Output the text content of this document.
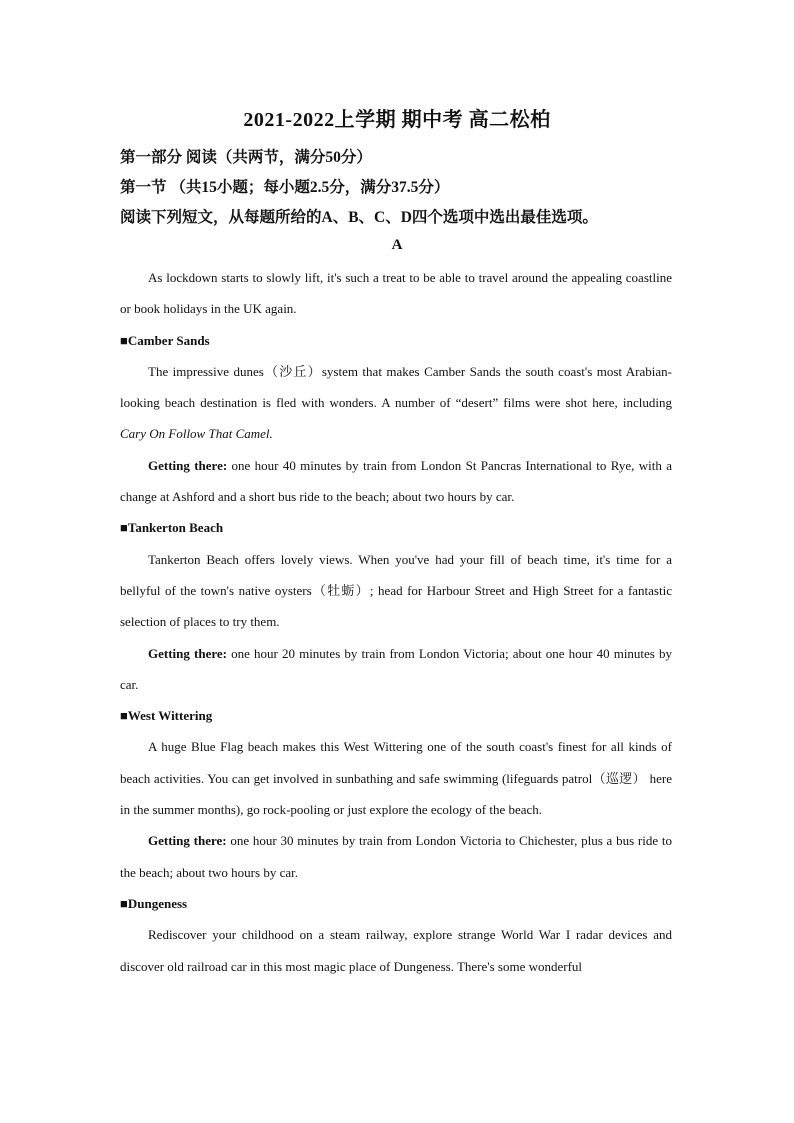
2021-2022上学期 期中考 高二松柏
第一部分 阅读（共两节，满分50分）
第一节 （共15小题；每小题2.5分，满分37.5分）
阅读下列短文，从每题所给的A、B、C、D四个选项中选出最佳选项。
A

As lockdown starts to slowly lift, it's such a treat to be able to travel around the appealing coastline or book holidays in the UK again.

■Camber Sands

The impressive dunes（沙丘）system that makes Camber Sands the south coast's most Arabian-looking beach destination is fled with wonders. A number of “desert” films were shot here, including Cary On Follow That Camel.

Getting there: one hour 40 minutes by train from London St Pancras International to Rye, with a change at Ashford and a short bus ride to the beach; about two hours by car.

■Tankerton Beach

Tankerton Beach offers lovely views. When you've had your fill of beach time, it's time for a bellyful of the town's native oysters（牡蛎）; head for Harbour Street and High Street for a fantastic selection of places to try them.

Getting there: one hour 20 minutes by train from London Victoria; about one hour 40 minutes by car.

■West Wittering

A huge Blue Flag beach makes this West Wittering one of the south coast's finest for all kinds of beach activities. You can get involved in sunbathing and safe swimming (lifeguards patrol（巡逻） here in the summer months), go rock-pooling or just explore the ecology of the beach.

Getting there: one hour 30 minutes by train from London Victoria to Chichester, plus a bus ride to the beach; about two hours by car.

■Dungeness

Rediscover your childhood on a steam railway, explore strange World War I radar devices and discover old railroad car in this most magic place of Dungeness. There's some wonderful
